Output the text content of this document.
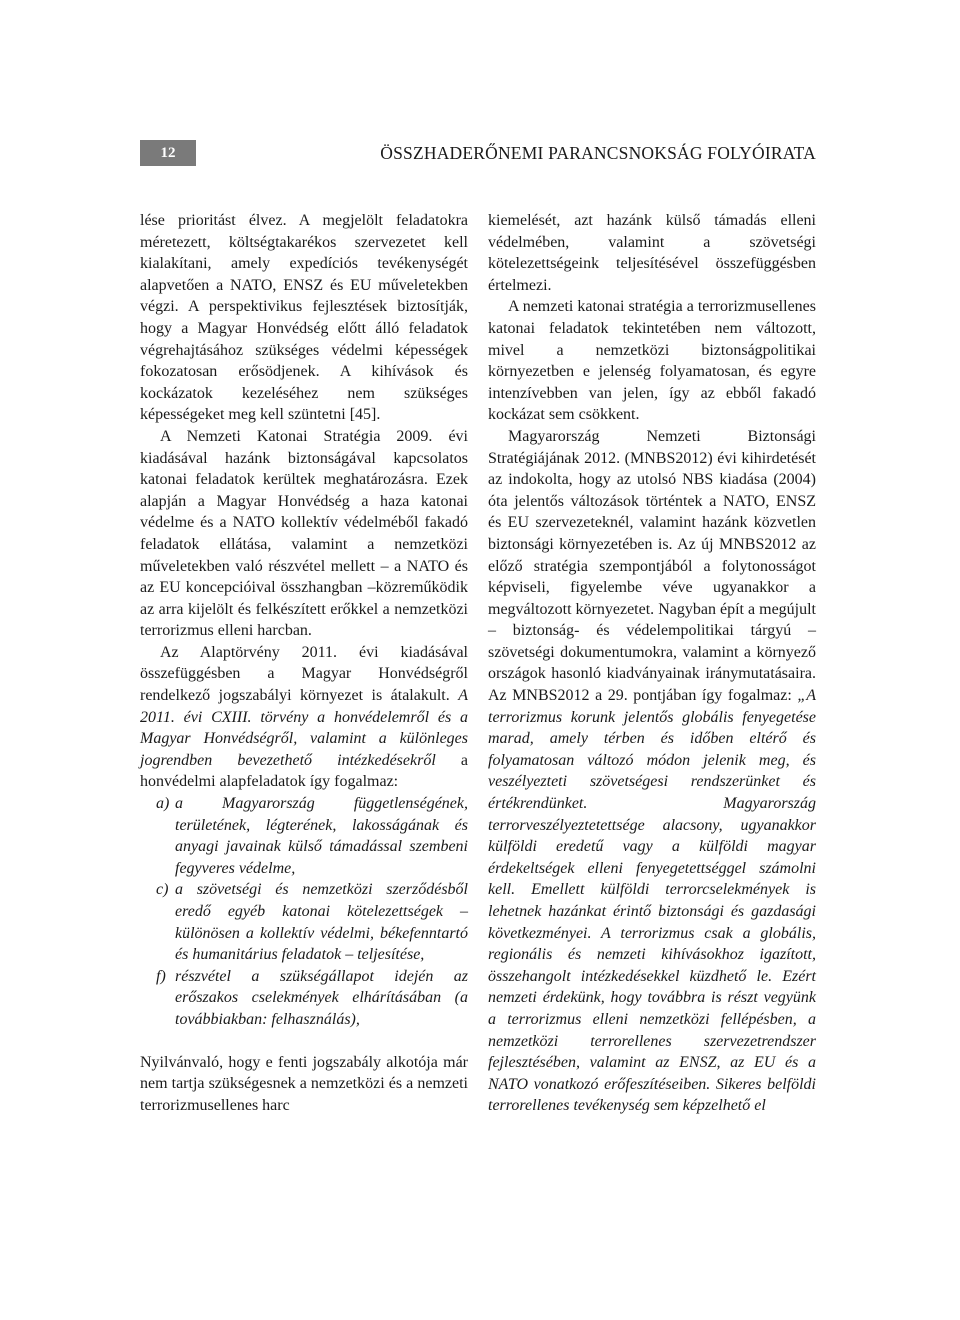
12	ÖSSZHADERŐNEMI PARANCSNOKSÁG FOLYÓIRATA

lése prioritást élvez. A megjelölt feladatokra méretezett, költségtakarékos szervezetet kell kialakítani, amely expedíciós tevékenységét alapvetően a NATO, ENSZ és EU műveletekben végzi. A perspektivikus fejlesztések biztosítják, hogy a Magyar Honvédség előtt álló feladatok végrehajtásához szükséges védelmi képességek fokozatosan erősödjenek. A kihívások és kockázatok kezeléséhez nem szükséges képességeket meg kell szüntetni [45].

A Nemzeti Katonai Stratégia 2009. évi kiadásával hazánk biztonságával kapcsolatos katonai feladatok kerültek meghatározásra. Ezek alapján a Magyar Honvédség a haza katonai védelme és a NATO kollektív védelméből fakadó feladatok ellátása, valamint a nemzetközi műveletekben való részvétel mellett – a NATO és az EU koncepcióival összhangban –közreműködik az arra kijelölt és felkészített erőkkel a nemzetközi terrorizmus elleni harcban.

Az Alaptörvény 2011. évi kiadásával összefüggésben a Magyar Honvédségről rendelkező jogszabályi környezet is átalakult. A 2011. évi CXIII. törvény a honvédelemről és a Magyar Honvédségről, valamint a különleges jogrendben bevezethető intézkedésekről a honvédelmi alapfeladatok így fogalmaz:

a) a Magyarország függetlenségének, területének, légterének, lakosságának és anyagi javainak külső támadással szembeni fegyveres védelme,
c) a szövetségi és nemzetközi szerződésből eredő egyéb katonai kötelezettségek – különösen a kollektív védelmi, békefenntartó és humanitárius feladatok – teljesítése,
f) részvétel a szükségállapot idején az erőszakos cselekmények elhárításában (a továbbiakban: felhasználás),

Nyilvánvaló, hogy e fenti jogszabály alkotója már nem tartja szükségesnek a nemzetközi és a nemzeti terrorizmusellenes harc

kiemelését, azt hazánk külső támadás elleni védelmében, valamint a szövetségi kötelezettségeink teljesítésével összefüggésben értelmezi.

A nemzeti katonai stratégia a terrorizmusellenes katonai feladatok tekintetében nem változott, mivel a nemzetközi biztonságpolitikai környezetben e jelenség folyamatosan, és egyre intenzívebben van jelen, így az ebből fakadó kockázat sem csökkent.

Magyarország Nemzeti Biztonsági Stratégiájának 2012. (MNBS2012) évi kihirdetését az indokolta, hogy az utolsó NBS kiadása (2004) óta jelentős változások történtek a NATO, ENSZ és EU szervezeteknél, valamint hazánk közvetlen biztonsági környezetében is. Az új MNBS2012 az előző stratégia szempontjából a folytonosságot képviseli, figyelembe véve ugyanakkor a megváltozott környezetet. Nagyban épít a megújult – biztonság- és védelempolitikai tárgyú – szövetségi dokumentumokra, valamint a környező országok hasonló kiadványainak iránymutatásaira. Az MNBS2012 a 29. pontjában így fogalmaz: „A terrorizmus korunk jelentős globális fenyegetése marad, amely térben és időben eltérő és folyamatosan változó módon jelenik meg, és veszélyezteti szövetségesi rendszerünket és értékrendünket. Magyarország terrorveszélyeztetettsége alacsony, ugyanakkor külföldi eredetű vagy a külföldi magyar érdekeltségek elleni fenyegetettséggel számolni kell. Emellett külföldi terrorcselekmények is lehetnek hazánkat érintő biztonsági és gazdasági következményei. A terrorizmus csak a globális, regionális és nemzeti kihívásokhoz igazított, összehangolt intézkedésekkel küzdhető le. Ezért nemzeti érdekünk, hogy továbbra is részt vegyünk a terrorizmus elleni nemzetközi fellépésben, a nemzetközi terrorellenes szervezetrendszer fejlesztésében, valamint az ENSZ, az EU és a NATO vonatkozó erőfeszítéseiben. Sikeres belföldi terrorellenes tevékenység sem képzelhető el
